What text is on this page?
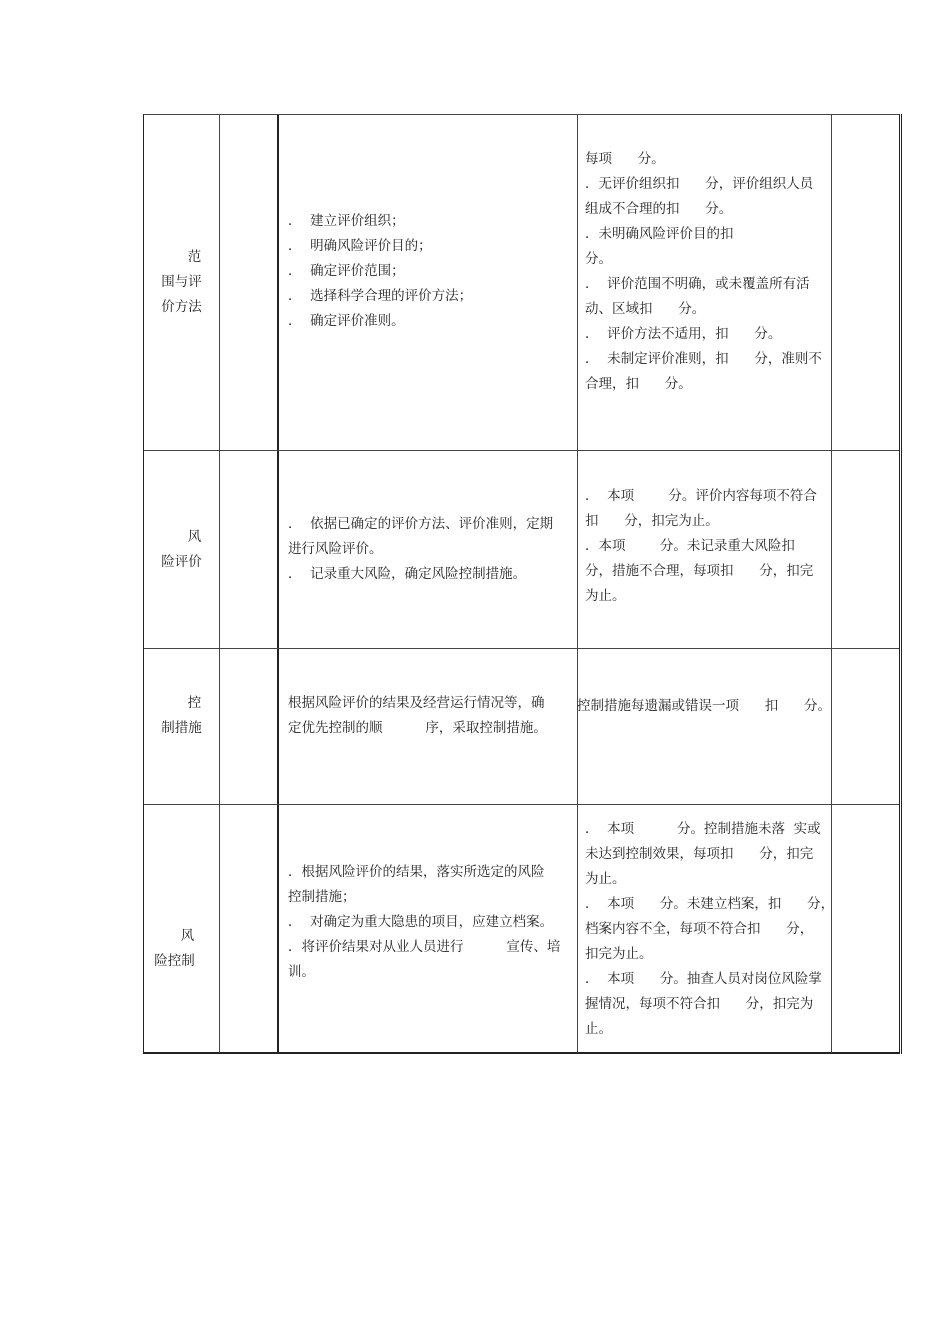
范
围与评
价方法
．  建立评价组织；
．  明确风险评价目的；
．  确定评价范围；
．  选择科学合理的评价方法；
．  确定评价准则。
每项      分。
．无评价组织扣      分，评价组织人员
组成不合理的扣      分。
．未明确风险评价目的扣
分。
．  评价范围不明确，或未覆盖所有活
动、区域扣      分。
．  评价方法不适用，扣      分。
．  未制定评价准则，扣      分，准则不
合理，扣      分。
风
险评价
．  依据已确定的评价方法、评价准则，定期
进行风险评价。
．  记录重大风险，确定风险控制措施。
．  本项        分。评价内容每项不符合
扣      分，扣完为止。
．本项        分。未记录重大风险扣
分，措施不合理，每项扣      分，扣完
为止。
控
制措施
根据风险评价的结果及经营运行情况等，确
定优先控制的顺          序，采取控制措施。
控制措施每遗漏或错误一项      扣      分。
风
险控制
．根据风险评价的结果，落实所选定的风险
控制措施；
．  对确定为重大隐患的项目，应建立档案。
．将评价结果对从业人员进行          宣传、培
训。
．  本项          分。控制措施未落  实或
未达到控制效果，每项扣      分，扣完
为止。
．  本项      分。未建立档案，扣      分，
档案内容不全，每项不符合扣      分，
扣完为止。
．  本项      分。抽查人员对岗位风险掌
握情况，每项不符合扣      分，扣完为
止。
